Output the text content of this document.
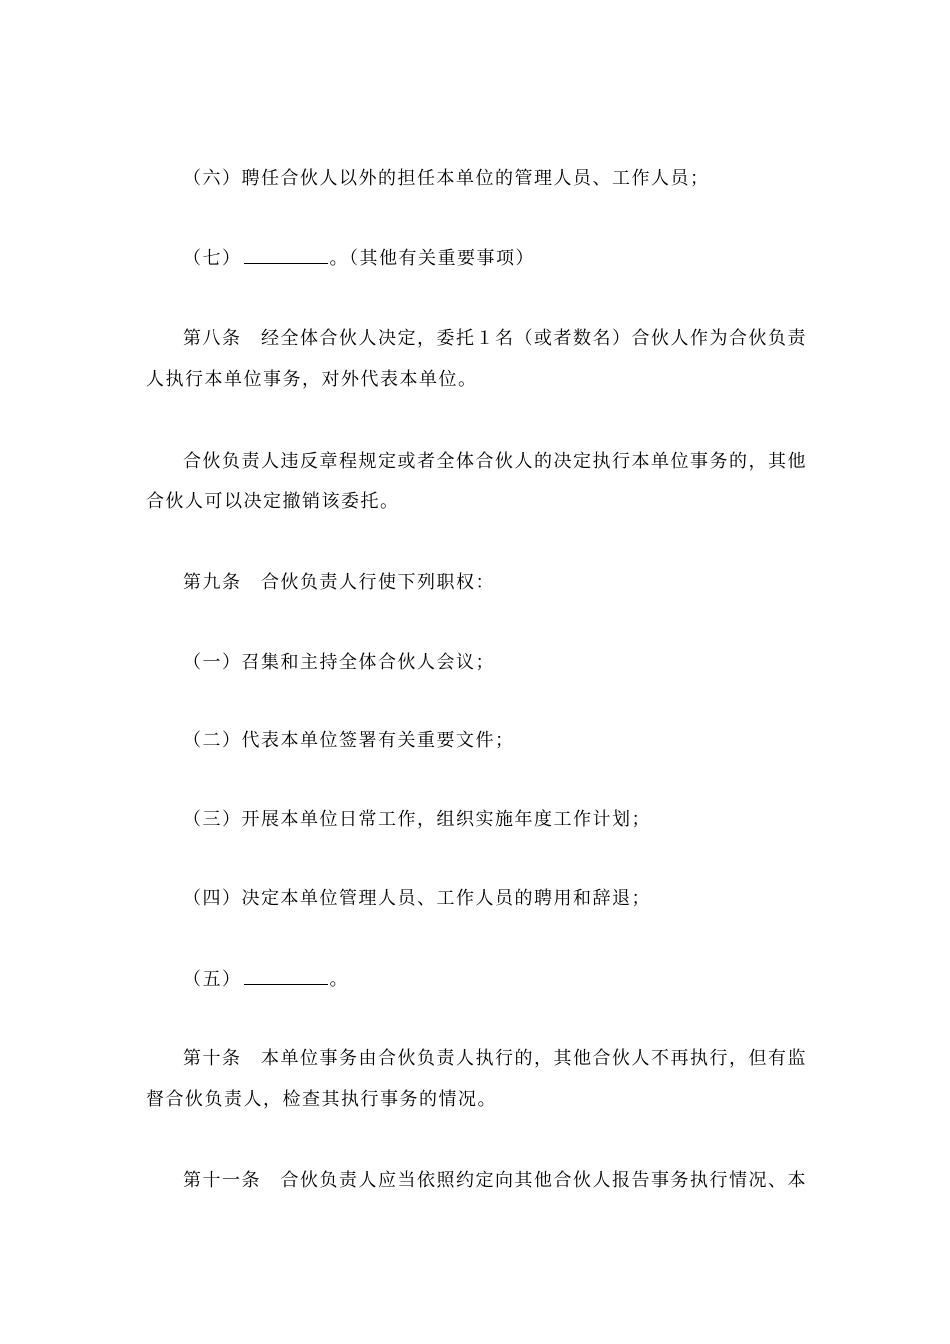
（六）聘任合伙人以外的担任本单位的管理人员、工作人员；
（七）	。（其他有关重要事项）
第八条　经全体合伙人决定，委托１名（或者数名）合伙人作为合伙负责
人执行本单位事务，对外代表本单位。
合伙负责人违反章程规定或者全体合伙人的决定执行本单位事务的，其他
合伙人可以决定撤销该委托。
第九条　合伙负责人行使下列职权：
（一）召集和主持全体合伙人会议；
（二）代表本单位签署有关重要文件；
（三）开展本单位日常工作，组织实施年度工作计划；
（四）决定本单位管理人员、工作人员的聘用和辞退；
（五）	。
第十条　本单位事务由合伙负责人执行的，其他合伙人不再执行，但有监
督合伙负责人，检查其执行事务的情况。
第十一条　合伙负责人应当依照约定向其他合伙人报告事务执行情况、本
